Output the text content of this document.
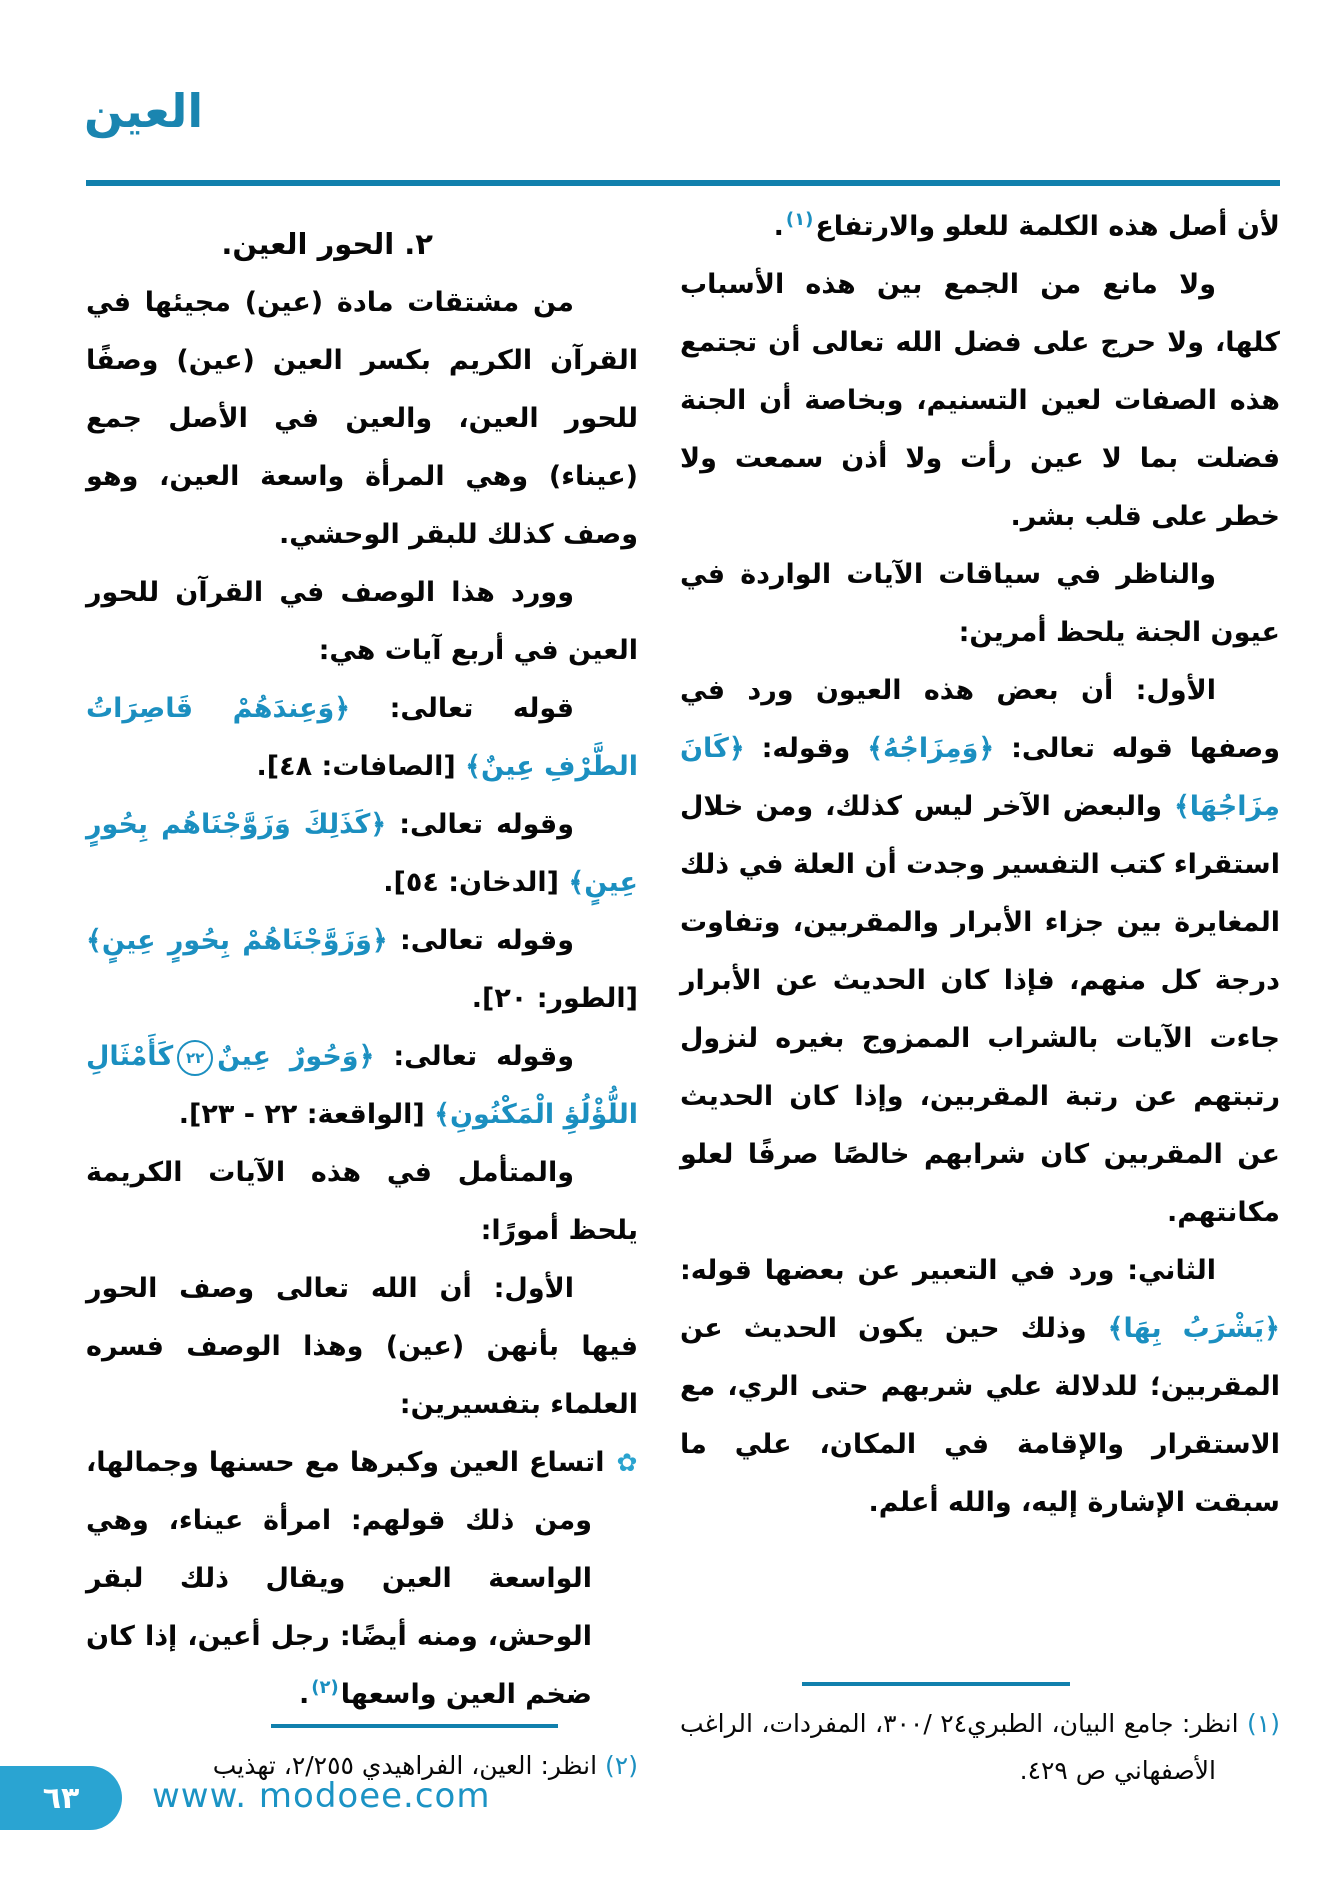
العين

لأن أصل هذه الكلمة للعلو والارتفاع$^{(١)}$.

ولا مانع من الجمع بين هذه الأسباب كلها، ولا حرج على فضل الله تعالى أن تجتمع هذه الصفات لعين التسنيم، وبخاصة أن الجنة فضلت بما لا عين رأت ولا أذن سمعت ولا خطر على قلب بشر.

والناظر في سياقات الآيات الواردة في عيون الجنة يلحظ أمرين:

الأول: أن بعض هذه العيون ورد في وصفها قوله تعالى: ﴿وَمِزَاجُهُ﴾ وقوله: ﴿كَانَ مِزَاجُهَا﴾ والبعض الآخر ليس كذلك، ومن خلال استقراء كتب التفسير وجدت أن العلة في ذلك المغايرة بين جزاء الأبرار والمقربين، وتفاوت درجة كل منهم، فإذا كان الحديث عن الأبرار جاءت الآيات بالشراب الممزوج بغيره لنزول رتبتهم عن رتبة المقربين، وإذا كان الحديث عن المقربين كان شرابهم خالصًا صرفًا لعلو مكانتهم.

الثاني: ورد في التعبير عن بعضها قوله: ﴿يَشْرَبُ بِهَا﴾ وذلك حين يكون الحديث عن المقربين؛ للدلالة علي شربهم حتى الري، مع الاستقرار والإقامة في المكان، علي ما سبقت الإشارة إليه، والله أعلم.

(١) انظر: جامع البيان، الطبري٢٤ /٣٠٠، المفردات، الراغب الأصفهاني ص ٤٢٩.

٢. الحور العين.

من مشتقات مادة (عين) مجيئها في القرآن الكريم بكسر العين (عين) وصفًا للحور العين، والعين في الأصل جمع (عيناء) وهي المرأة واسعة العين، وهو وصف كذلك للبقر الوحشي.

وورد هذا الوصف في القرآن للحور العين في أربع آيات هي:

قوله تعالى: ﴿وَعِندَهُمْ قَاصِرَاتُ الطَّرْفِ عِينٌ﴾ [الصافات: ٤٨].

وقوله تعالى: ﴿كَذَلِكَ وَزَوَّجْنَاهُم بِحُورٍ عِينٍ﴾ [الدخان: ٥٤].

وقوله تعالى: ﴿وَزَوَّجْنَاهُمْ بِحُورٍ عِينٍ﴾ [الطور: ٢٠].

وقوله تعالى: ﴿وَحُورٌ عِينٌ
٢٢
كَأَمْثَالِ اللُّؤْلُؤِ الْمَكْنُونِ﴾ [الواقعة: ٢٢ - ٢٣].

والمتأمل في هذه الآيات الكريمة يلحظ أمورًا:

الأول: أن الله تعالى وصف الحور فيها بأنهن (عين) وهذا الوصف فسره العلماء بتفسيرين:

✿اتساع العين وكبرها مع حسنها وجمالها، ومن ذلك قولهم: امرأة عيناء، وهي الواسعة العين ويقال ذلك لبقر الوحش، ومنه أيضًا: رجل أعين، إذا كان ضخم العين واسعها$^{(٢)}$.

(٢) انظر: العين، الفراهيدي ٢/٢٥٥، تهذيب

٦٣ www. modoee.com
